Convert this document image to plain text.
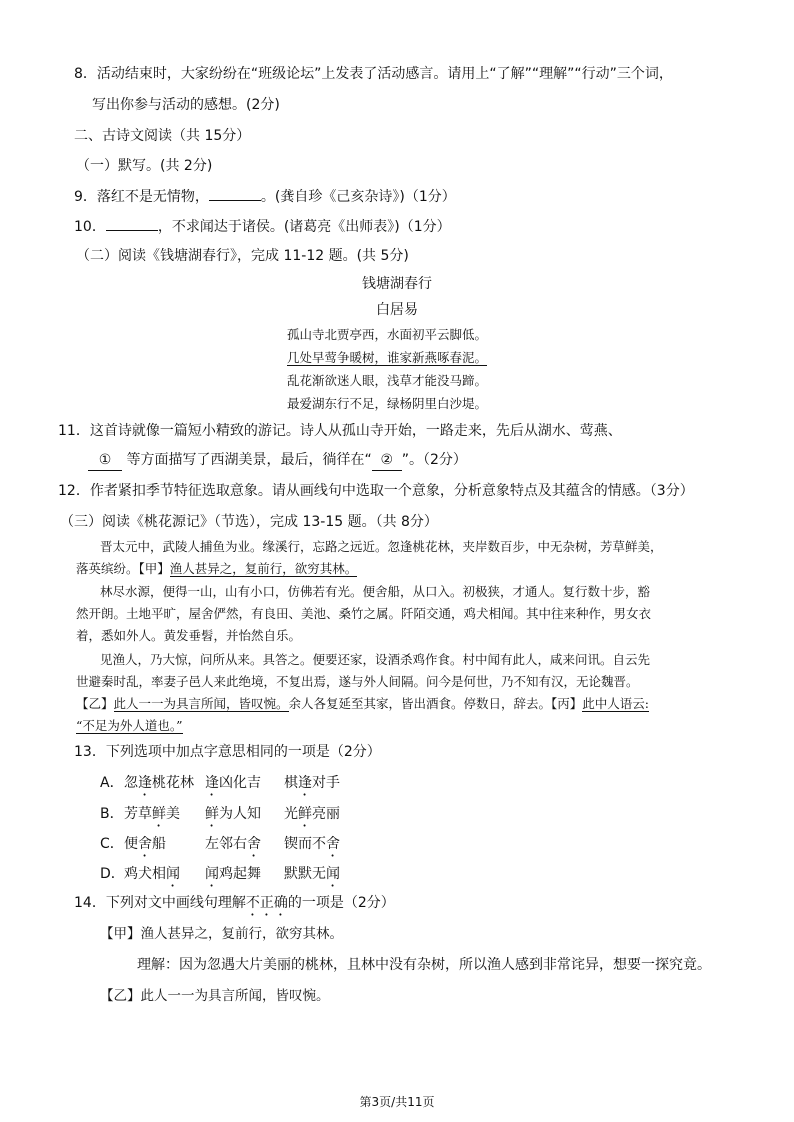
8．活动结束时，大家纷纷在“班级论坛”上发表了活动感言。请用上“了解”“理解”“行动”三个词，
写出你参与活动的感想。(2分)
二、古诗文阅读（共 15分）
（一）默写。(共 2分)
9．落红不是无情物，	。(龚自珍《己亥杂诗》)（1分）
10．	，不求闻达于诸侯。(诸葛亮《出师表》)（1分）
（二）阅读《钱塘湖春行》，完成 11-12 题。(共 5分)
钱塘湖春行
白居易
孤山寺北贾亭西，水面初平云脚低。
几处早莺争暖树，谁家新燕啄春泥。
乱花渐欲迷人眼，浅草才能没马蹄。
最爱湖东行不足，绿杨阴里白沙堤。
11．这首诗就像一篇短小精致的游记。诗人从孤山寺开始，一路走来，先后从湖水、莺燕、
① 等方面描写了西湖美景，最后，徜徉在“ ② ”。（2分）
12．作者紧扣季节特征选取意象。请从画线句中选取一个意象，分析意象特点及其蕴含的情感。（3分）
（三）阅读《桃花源记》（节选），完成 13-15 题。（共 8分）
晋太元中，武陵人捕鱼为业。缘溪行，忘路之远近。忽逢桃花林，夹岸数百步，中无杂树，芳草鲜美，
落英缤纷。【甲】渔人甚异之，复前行，欲穷其林。
林尽水源，便得一山，山有小口，仿佛若有光。便舍船，从口入。初极狭，才通人。复行数十步，豁
然开朗。土地平旷，屋舍俨然，有良田、美池、桑竹之属。阡陌交通，鸡犬相闻。其中往来种作，男女衣
着，悉如外人。黄发垂髫，并怡然自乐。
见渔人，乃大惊，问所从来。具答之。便要还家，设酒杀鸡作食。村中闻有此人，咸来问讯。自云先
世避秦时乱，率妻子邑人来此绝境，不复出焉，遂与外人间隔。问今是何世，乃不知有汉，无论魏晋。
【乙】此人一一为具言所闻，皆叹惋。余人各复延至其家，皆出酒食。停数日，辞去。【丙】此中人语云:
“不足为外人道也。”
13．下列选项中加点字意思相同的一项是（2分）
A． 忽逢桃花林 逢凶化吉 棋逢对手
B． 芳草鲜美 鲜为人知 光鲜亮丽
C． 便舍船	左邻右舍 锲而不舍
D． 鸡犬相闻 闻鸡起舞 默默无闻
14．下列对文中画线句理解不正确的一项是（2分）
【甲】渔人甚异之，复前行，欲穷其林。
理解：因为忽遇大片美丽的桃林，且林中没有杂树，所以渔人感到非常诧异，想要一探究竟。
【乙】此人一一为具言所闻，皆叹惋。
第3页/共11页
